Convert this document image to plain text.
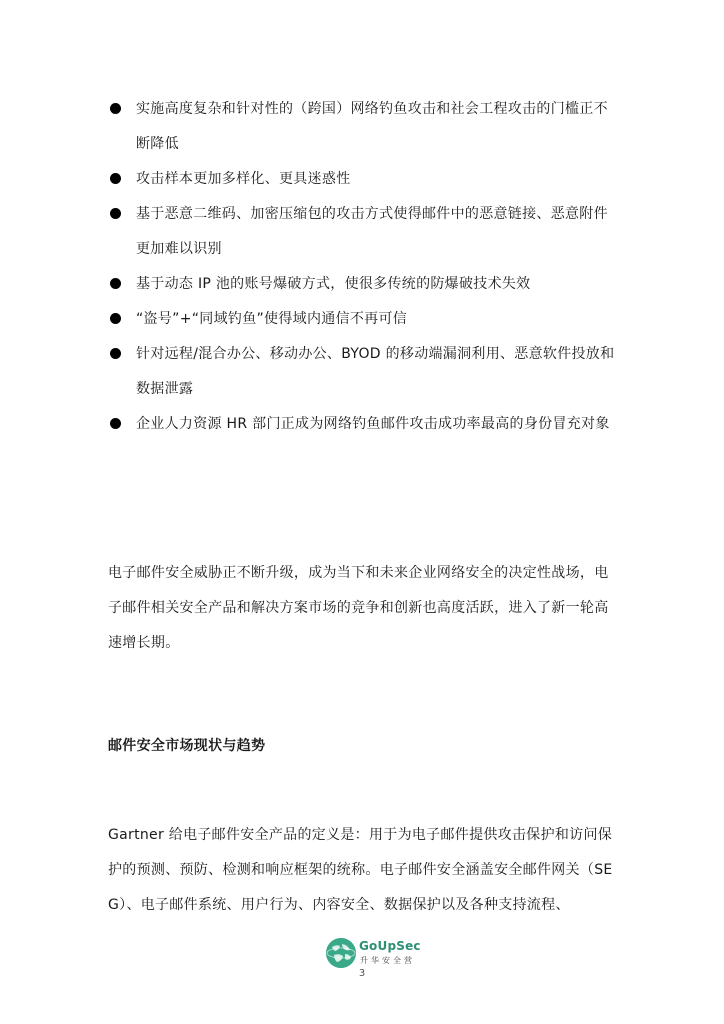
实施高度复杂和针对性的（跨国）网络钓鱼攻击和社会工程攻击的门槛正不断降低
攻击样本更加多样化、更具迷惑性
基于恶意二维码、加密压缩包的攻击方式使得邮件中的恶意链接、恶意附件更加难以识别
基于动态 IP 池的账号爆破方式，使很多传统的防爆破技术失效
“盗号”+“同域钓鱼”使得域内通信不再可信
针对远程/混合办公、移动办公、BYOD 的移动端漏洞利用、恶意软件投放和数据泄露
企业人力资源 HR 部门正成为网络钓鱼邮件攻击成功率最高的身份冒充对象

电子邮件安全威胁正不断升级，成为当下和未来企业网络安全的决定性战场，电子邮件相关安全产品和解决方案市场的竞争和创新也高度活跃，进入了新一轮高速增长期。

邮件安全市场现状与趋势

Gartner 给电子邮件安全产品的定义是：用于为电子邮件提供攻击保护和访问保护的预测、预防、检测和响应框架的统称。电子邮件安全涵盖安全邮件网关（SEG）、电子邮件系统、用户行为、内容安全、数据保护以及各种支持流程、

GoUpSec
升华安全营
3
